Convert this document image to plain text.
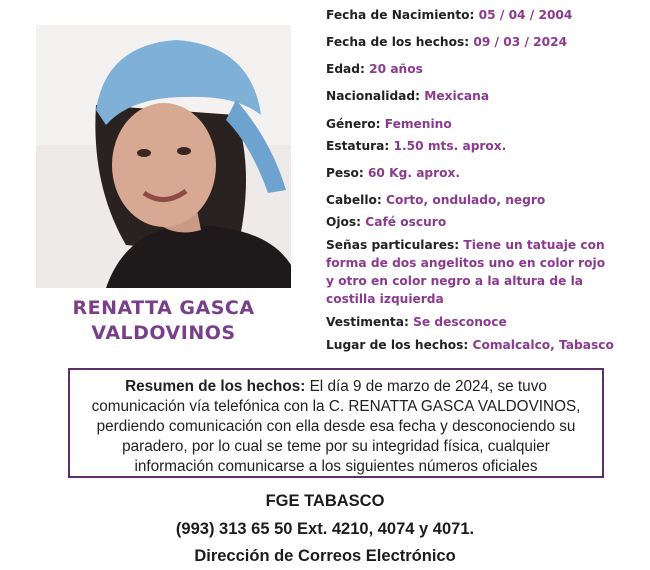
RENATTA GASCA
VALDOVINOS
Fecha de Nacimiento: 05 / 04 / 2004
Fecha de los hechos: 09 / 03 / 2024
Edad: 20 años
Nacionalidad: Mexicana
Género: Femenino
Estatura: 1.50 mts. aprox.
Peso: 60 Kg. aprox.
Cabello: Corto, ondulado, negro
Ojos: Café oscuro
Señas particulares: Tiene un tatuaje con forma de dos angelitos uno en color rojo y otro en color negro a la altura de la costilla izquierda
Vestimenta: Se desconoce
Lugar de los hechos: Comalcalco, Tabasco
Resumen de los hechos: El día 9 de marzo de 2024, se tuvo comunicación vía telefónica con la C. RENATTA GASCA VALDOVINOS, perdiendo comunicación con ella desde esa fecha y desconociendo su paradero, por lo cual se teme por su integridad física, cualquier información comunicarse a los siguientes números oficiales
FGE TABASCO
(993) 313 65 50 Ext. 4210, 4074 y 4071.
Dirección de Correos Electrónico
